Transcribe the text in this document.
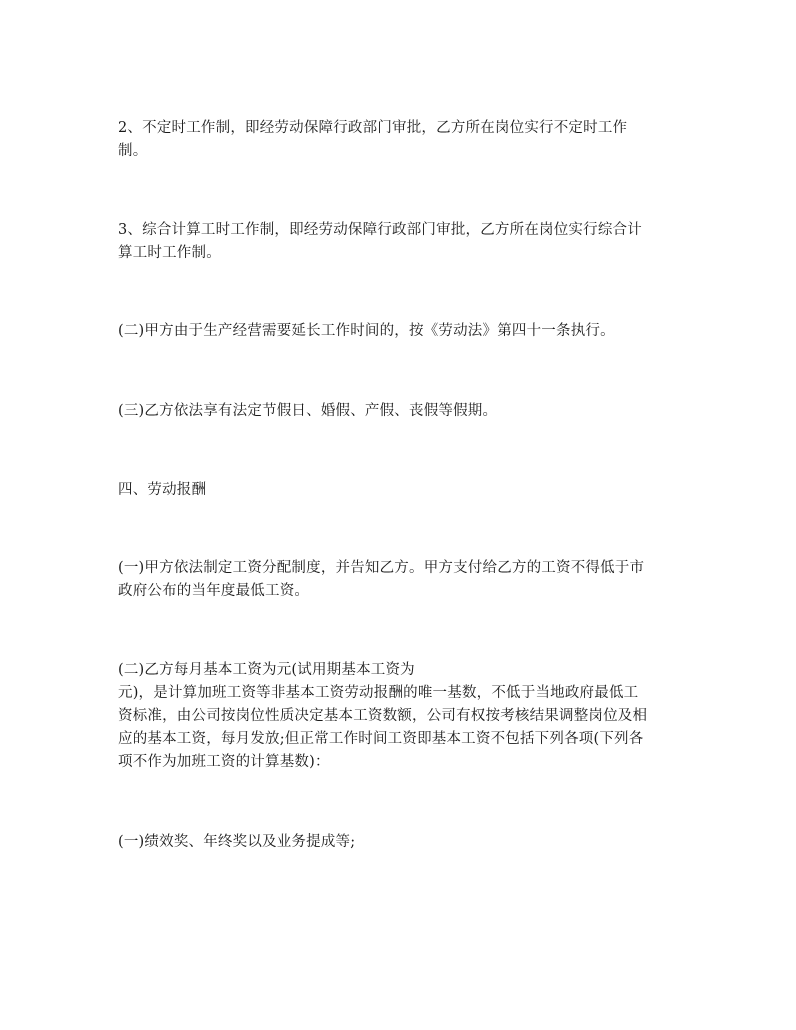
2、不定时工作制，即经劳动保障行政部门审批，乙方所在岗位实行不定时工作
制。

3、综合计算工时工作制，即经劳动保障行政部门审批，乙方所在岗位实行综合计
算工时工作制。

(二)甲方由于生产经营需要延长工作时间的，按《劳动法》第四十一条执行。

(三)乙方依法享有法定节假日、婚假、产假、丧假等假期。

四、劳动报酬

(一)甲方依法制定工资分配制度，并告知乙方。甲方支付给乙方的工资不得低于市
政府公布的当年度最低工资。

(二)乙方每月基本工资为元(试用期基本工资为
元)，是计算加班工资等非基本工资劳动报酬的唯一基数，不低于当地政府最低工
资标准，由公司按岗位性质决定基本工资数额，公司有权按考核结果调整岗位及相
应的基本工资，每月发放;但正常工作时间工资即基本工资不包括下列各项(下列各
项不作为加班工资的计算基数)：

(一)绩效奖、年终奖以及业务提成等;
